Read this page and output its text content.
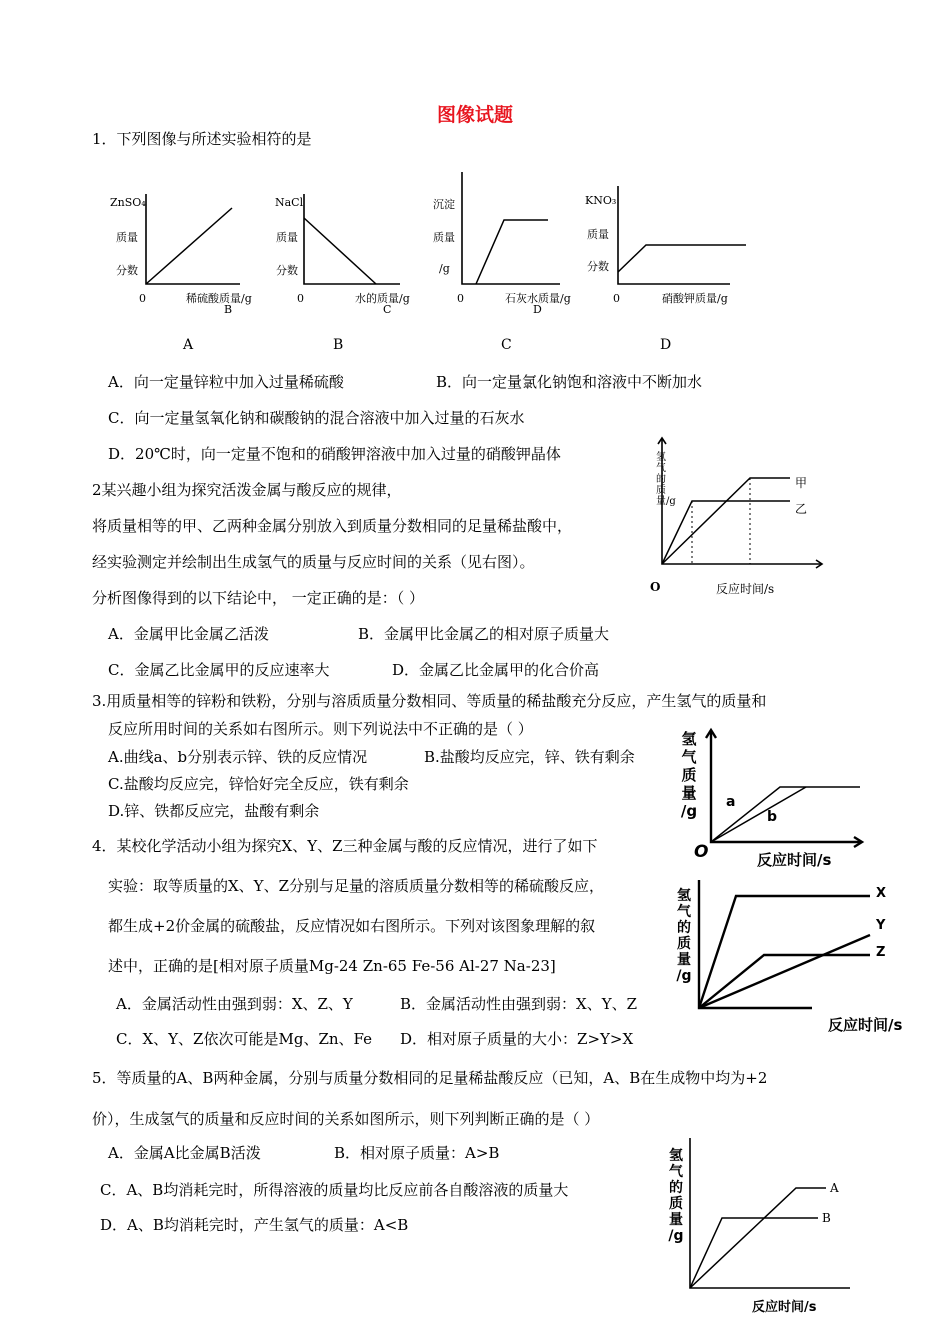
图像试题
1．下列图像与所述实验相符的是
ZnSO₄
质量
分数
0	稀硫酸质量/g
B
A
NaCl
质量
分数
0	水的质量/g
C
B
沉淀
质量
/g
0	石灰水质量/g
D
C
KNO₃
质量
分数
0	硝酸钾质量/g
D
A．向一定量锌粒中加入过量稀硫酸	B．向一定量氯化钠饱和溶液中不断加水
C．向一定量氢氧化钠和碳酸钠的混合溶液中加入过量的石灰水
D．20℃时，向一定量不饱和的硝酸钾溶液中加入过量的硝酸钾晶体
2某兴趣小组为探究活泼金属与酸反应的规律，
将质量相等的甲、乙两种金属分别放入到质量分数相同的足量稀盐酸中，
经实验测定并绘制出生成氢气的质量与反应时间的关系（见右图）。
分析图像得到的以下结论中， 一定正确的是：（ ）
A．金属甲比金属乙活泼	B．金属甲比金属乙的相对原子质量大
C．金属乙比金属甲的反应速率大	D．金属乙比金属甲的化合价高
氢气的质量/g
甲
乙
O	反应时间/s
3.用质量相等的锌粉和铁粉，分别与溶质质量分数相同、等质量的稀盐酸充分反应，产生氢气的质量和
反应所用时间的关系如右图所示。则下列说法中不正确的是（ ）
A.曲线a、b分别表示锌、铁的反应情况	B.盐酸均反应完，锌、铁有剩余
C.盐酸均反应完，锌恰好完全反应，铁有剩余
D.锌、铁都反应完，盐酸有剩余
氢
气
质
量
/g a
b
O	反应时间/s
4．某校化学活动小组为探究X、Y、Z三种金属与酸的反应情况，进行了如下
实验：取等质量的X、Y、Z分别与足量的溶质质量分数相等的稀硫酸反应，
都生成+2价金属的硫酸盐，反应情况如右图所示。下列对该图象理解的叙
述中，正确的是[相对原子质量Mg-24 Zn-65 Fe-56 Al-27 Na-23]
A．金属活动性由强到弱：X、Z、Y	B．金属活动性由强到弱：X、Y、Z
C．X、Y、Z依次可能是Mg、Zn、Fe D．相对原子质量的大小：Z>Y>X
氢
气
的
质
量
/g
X
Y
Z
反应时间/s
5．等质量的A、B两种金属，分别与质量分数相同的足量稀盐酸反应（已知，A、B在生成物中均为+2
价），生成氢气的质量和反应时间的关系如图所示，则下列判断正确的是（ ）
A．金属A比金属B活泼	B．相对原子质量：A>B
C．A、B均消耗完时，所得溶液的质量均比反应前各自酸溶液的质量大
D．A、B均消耗完时，产生氢气的质量：A<B
氢
气
的
质
量
/g
A
B
反应时间/s
